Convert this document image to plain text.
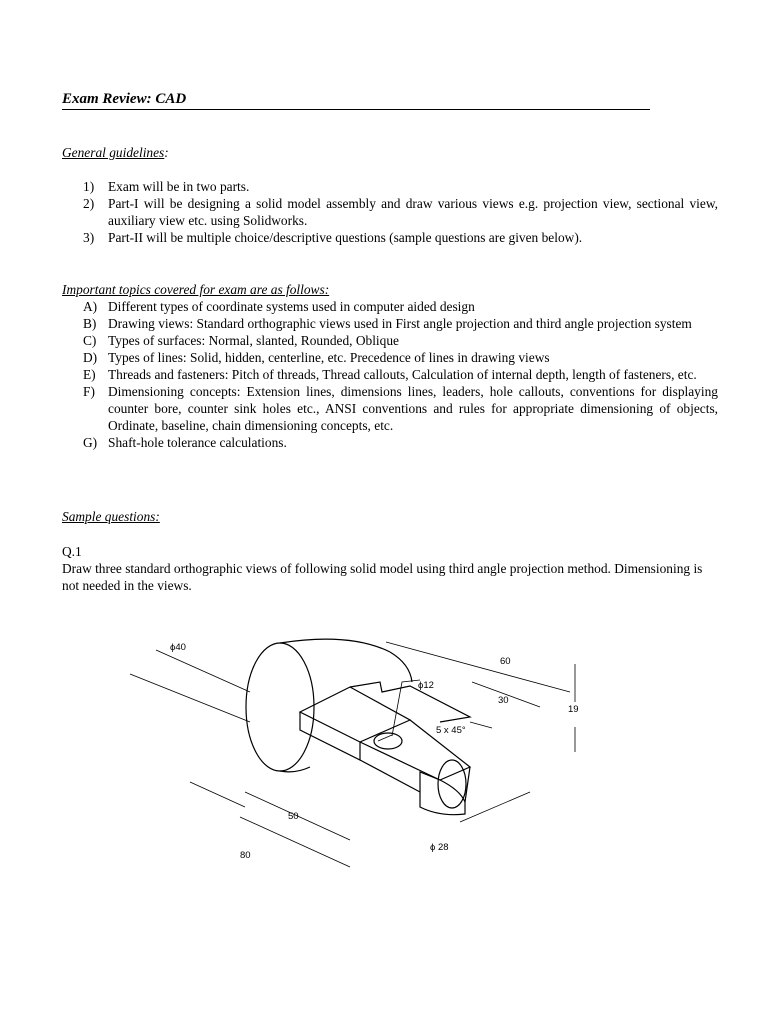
Exam Review: CAD
General guidelines:
1) Exam will be in two parts.
2) Part-I will be designing a solid model assembly and draw various views e.g. projection view, sectional view, auxiliary view etc. using Solidworks.
3) Part-II will be multiple choice/descriptive questions (sample questions are given below).
Important topics covered for exam are as follows:
A) Different types of coordinate systems used in computer aided design
B) Drawing views: Standard orthographic views used in First angle projection and third angle projection system
C) Types of surfaces: Normal, slanted, Rounded, Oblique
D) Types of lines: Solid, hidden, centerline, etc. Precedence of lines in drawing views
E) Threads and fasteners: Pitch of threads, Thread callouts, Calculation of internal depth, length of fasteners, etc.
F) Dimensioning concepts: Extension lines, dimensions lines, leaders, hole callouts, conventions for displaying counter bore, counter sink holes etc., ANSI conventions and rules for appropriate dimensioning of objects, Ordinate, baseline, chain dimensioning concepts, etc.
G) Shaft-hole tolerance calculations.
Sample questions:
Q.1
Draw three standard orthographic views of following solid model using third angle projection method. Dimensioning is not needed in the views.
ϕ40
60
ϕ12
30
19
5 x 45°
50
80
ϕ 28
